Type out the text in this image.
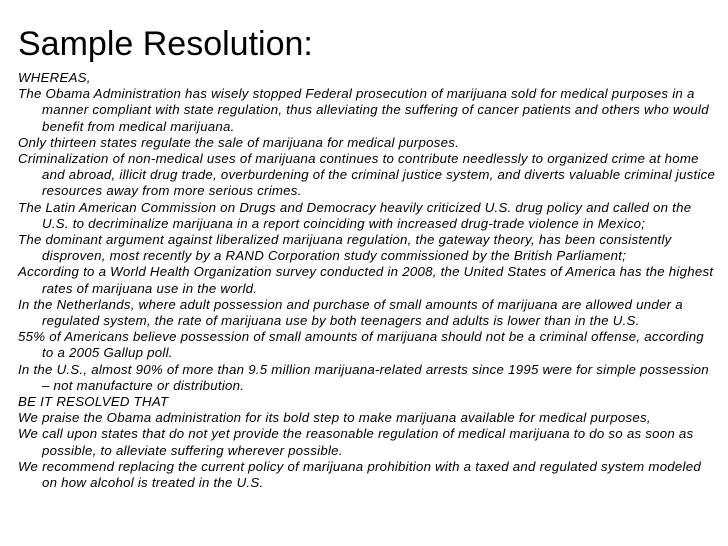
Sample Resolution:

WHEREAS,

The Obama Administration has wisely stopped Federal prosecution of marijuana sold for medical purposes in a manner compliant with state regulation, thus alleviating the suffering of cancer patients and others who would benefit from medical marijuana.

Only thirteen states regulate the sale of marijuana for medical purposes.

Criminalization of non-medical uses of marijuana continues to contribute needlessly to organized crime at home and abroad, illicit drug trade, overburdening of the criminal justice system, and diverts valuable criminal justice resources away from more serious crimes.

The Latin American Commission on Drugs and Democracy heavily criticized U.S. drug policy and called on the U.S. to decriminalize marijuana in a report coinciding with increased drug-trade violence in Mexico;

The dominant argument against liberalized marijuana regulation, the gateway theory, has been consistently disproven, most recently by a RAND Corporation study commissioned by the British Parliament;

According to a World Health Organization survey conducted in 2008, the United States of America has the highest rates of marijuana use in the world.

In the Netherlands, where adult possession and purchase of small amounts of marijuana are allowed under a regulated system, the rate of marijuana use by both teenagers and adults is lower than in the U.S.

55% of Americans believe possession of small amounts of marijuana should not be a criminal offense, according to a 2005 Gallup poll.

In the U.S., almost 90% of more than 9.5 million marijuana-related arrests since 1995 were for simple possession – not manufacture or distribution.

BE IT RESOLVED THAT

We praise the Obama administration for its bold step to make marijuana available for medical purposes,

We call upon states that do not yet provide the reasonable regulation of medical marijuana to do so as soon as possible, to alleviate suffering wherever possible.

We recommend replacing the current policy of marijuana prohibition with a taxed and regulated system modeled on how alcohol is treated in the U.S.
